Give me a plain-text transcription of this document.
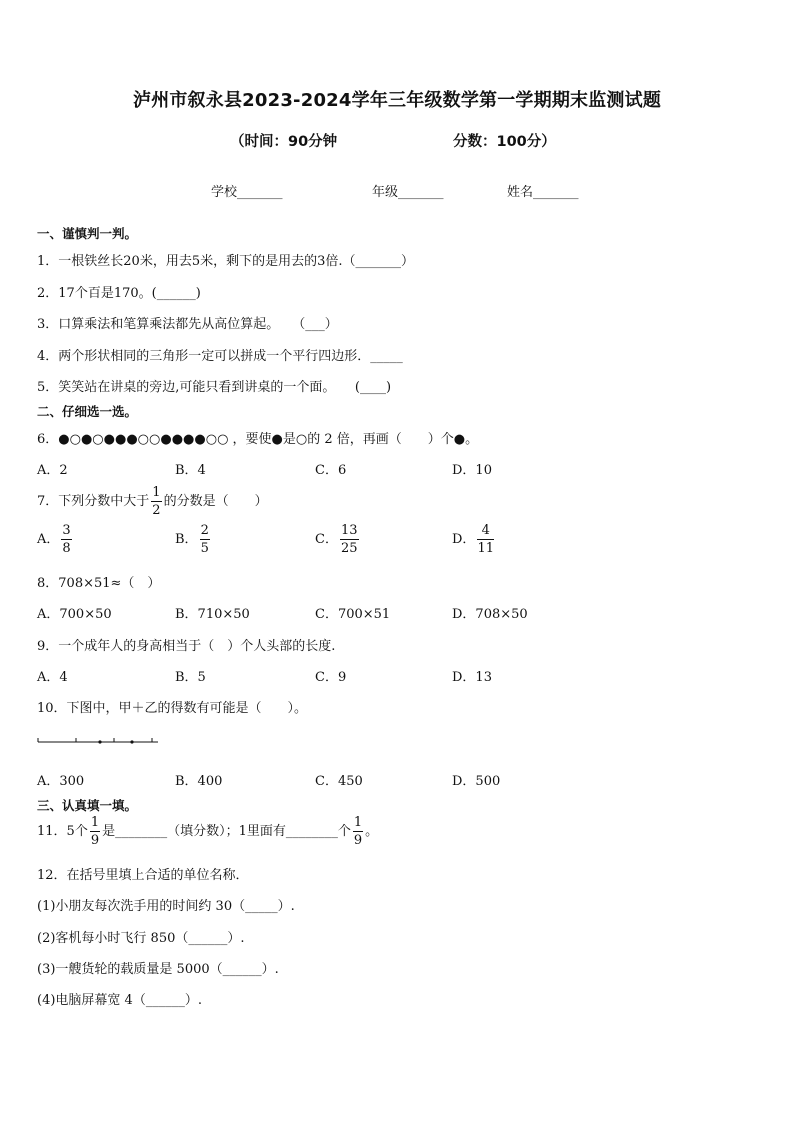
泸州市叙永县2023-2024学年三年级数学第一学期期末监测试题
（时间：90分钟	分数：100分）
学校_______	年级_______	姓名_______
一、谨慎判一判。
1．一根铁丝长20米，用去5米，剩下的是用去的3倍.（_______）
2．17个百是170。(______)
3．口算乘法和笔算乘法都先从高位算起。　　（___）
4．两个形状相同的三角形一定可以拼成一个平行四边形．_____
5．笑笑站在讲桌的旁边,可能只看到讲桌的一个面。　　(____)
二、仔细选一选。
6．●○●○●●●○○●●●●○○ ，要使●是○的 2 倍，再画（　　）个●。
A．2	B．4	C．6	D．10
7．下列分数中大于 $\frac{1}{2}$ 的分数是（　　）
A． $\frac{3}{8}$	B． $\frac{2}{5}$	C． $\frac{13}{25}$	D． $\frac{4}{11}$
8．708×51≈（　）
A．700×50	B．710×50	C．700×51	D．708×50
9．一个成年人的身高相当于（　）个人头部的长度.
A．4	B．5	C．9	D．13
10．下图中，甲＋乙的得数有可能是（　　）。
A．300	B．400	C．450	D．500
三、认真填一填。
11．5个 $\frac{1}{9}$ 是________（填分数）；1里面有________个 $\frac{1}{9}$ 。
12．在括号里填上合适的单位名称．
(1)小朋友每次洗手用的时间约 30（_____）.
(2)客机每小时飞行 850（______）.
(3)一艘货轮的载质量是 5000（______）.
(4)电脑屏幕宽 4（______）.
